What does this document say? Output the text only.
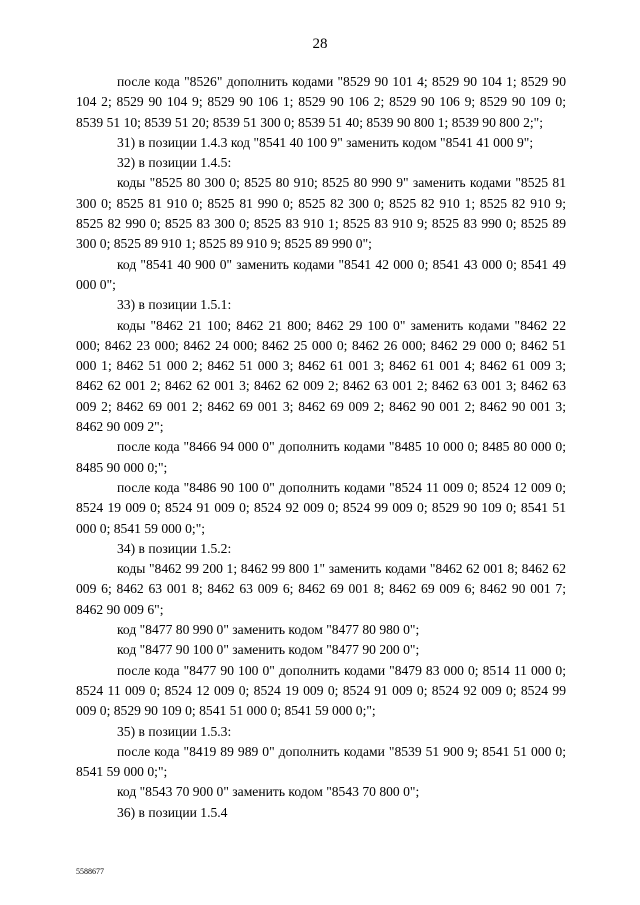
28

после кода "8526" дополнить кодами "8529 90 101 4; 8529 90 104 1; 8529 90 104 2; 8529 90 104 9; 8529 90 106 1; 8529 90 106 2; 8529 90 106 9; 8529 90 109 0; 8539 51 10; 8539 51 20; 8539 51 300 0; 8539 51 40; 8539 90 800 1; 8539 90 800 2;";

31) в позиции 1.4.3 код "8541 40 100 9" заменить кодом "8541 41 000 9";

32) в позиции 1.4.5:

коды "8525 80 300 0; 8525 80 910; 8525 80 990 9" заменить кодами "8525 81 300 0; 8525 81 910 0; 8525 81 990 0; 8525 82 300 0; 8525 82 910 1; 8525 82 910 9; 8525 82 990 0; 8525 83 300 0; 8525 83 910 1; 8525 83 910 9; 8525 83 990 0; 8525 89 300 0; 8525 89 910 1; 8525 89 910 9; 8525 89 990 0";

код "8541 40 900 0" заменить кодами "8541 42 000 0; 8541 43 000 0; 8541 49 000 0";

33) в позиции 1.5.1:

коды "8462 21 100; 8462 21 800; 8462 29 100 0" заменить кодами "8462 22 000; 8462 23 000; 8462 24 000; 8462 25 000 0; 8462 26 000; 8462 29 000 0; 8462 51 000 1; 8462 51 000 2; 8462 51 000 3; 8462 61 001 3; 8462 61 001 4; 8462 61 009 3; 8462 62 001 2; 8462 62 001 3; 8462 62 009 2; 8462 63 001 2; 8462 63 001 3; 8462 63 009 2; 8462 69 001 2; 8462 69 001 3; 8462 69 009 2; 8462 90 001 2; 8462 90 001 3; 8462 90 009 2";

после кода "8466 94 000 0" дополнить кодами "8485 10 000 0; 8485 80 000 0; 8485 90 000 0;";

после кода "8486 90 100 0" дополнить кодами "8524 11 009 0; 8524 12 009 0; 8524 19 009 0; 8524 91 009 0; 8524 92 009 0; 8524 99 009 0; 8529 90 109 0; 8541 51 000 0; 8541 59 000 0;";

34) в позиции 1.5.2:

коды "8462 99 200 1; 8462 99 800 1" заменить кодами "8462 62 001 8; 8462 62 009 6; 8462 63 001 8; 8462 63 009 6; 8462 69 001 8; 8462 69 009 6; 8462 90 001 7; 8462 90 009 6";

код "8477 80 990 0" заменить кодом "8477 80 980 0";

код "8477 90 100 0" заменить кодом "8477 90 200 0";

после кода "8477 90 100 0" дополнить кодами "8479 83 000 0; 8514 11 000 0; 8524 11 009 0; 8524 12 009 0; 8524 19 009 0; 8524 91 009 0; 8524 92 009 0; 8524 99 009 0; 8529 90 109 0; 8541 51 000 0; 8541 59 000 0;";

35) в позиции 1.5.3:

после кода "8419 89 989 0" дополнить кодами "8539 51 900 9; 8541 51 000 0; 8541 59 000 0;";

код "8543 70 900 0" заменить кодом "8543 70 800 0";

36) в позиции 1.5.4

5588677
